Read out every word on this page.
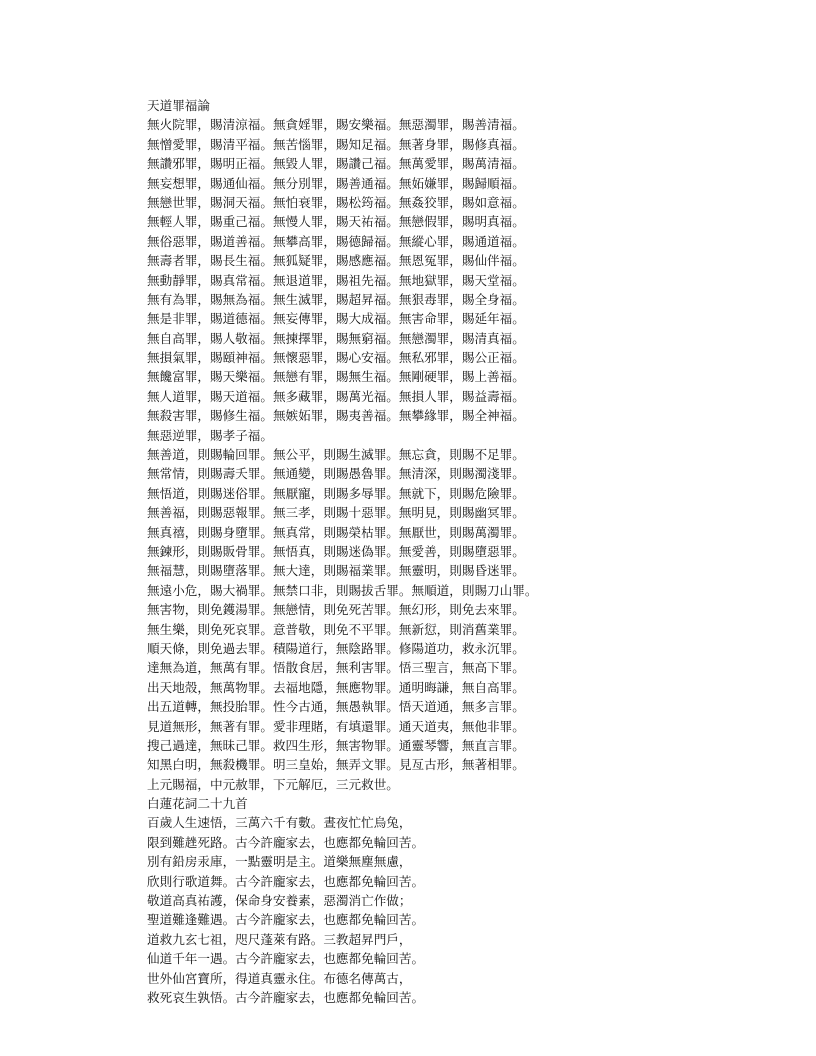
天道罪福論
無火院罪，賜清涼福。無貪婬罪，賜安樂福。無惡濁罪，賜善清福。
無憎愛罪，賜清平福。無苦惱罪，賜知足福。無著身罪，賜修真福。
無讚邪罪，賜明正福。無毀人罪，賜讚己福。無萬愛罪，賜萬清福。
無妄想罪，賜通仙福。無分別罪，賜善通福。無妬嫌罪，賜歸順福。
無戀世罪，賜洞天福。無怕衰罪，賜松筠福。無姦狡罪，賜如意福。
無輕人罪，賜重己福。無慢人罪，賜天祐福。無戀假罪，賜明真福。
無俗惡罪，賜道善福。無攀高罪，賜德歸福。無縱心罪，賜通道福。
無壽者罪，賜長生福。無狐疑罪，賜感應福。無恩冤罪，賜仙伴福。
無動靜罪，賜真常福。無退道罪，賜祖先福。無地獄罪，賜天堂福。
無有為罪，賜無為福。無生滅罪，賜超昇福。無狠毒罪，賜全身福。
無是非罪，賜道德福。無妄傳罪，賜大成福。無害命罪，賜延年福。
無自高罪，賜人敬福。無揀擇罪，賜無窮福。無戀濁罪，賜清真福。
無損氣罪，賜頤神福。無懷惡罪，賜心安福。無私邪罪，賜公正福。
無饞富罪，賜天樂福。無戀有罪，賜無生福。無剛硬罪，賜上善福。
無人道罪，賜天道福。無多藏罪，賜萬光福。無損人罪，賜益壽福。
無殺害罪，賜修生福。無嫉妬罪，賜夷善福。無攀緣罪，賜全神福。
無惡逆罪，賜孝子福。
無善道，則賜輪回罪。無公平，則賜生滅罪。無忘貪，則賜不足罪。
無常情，則賜壽夭罪。無通變，則賜愚魯罪。無清深，則賜濁淺罪。
無悟道，則賜迷俗罪。無厭寵，則賜多辱罪。無就下，則賜危險罪。
無善福，則賜惡報罪。無三孝，則賜十惡罪。無明見，則賜幽冥罪。
無真禧，則賜身墮罪。無真常，則賜榮枯罪。無厭世，則賜萬濁罪。
無鍊形，則賜販骨罪。無悟真，則賜迷偽罪。無愛善，則賜墮惡罪。
無福慧，則賜墮落罪。無大達，則賜福業罪。無靈明，則賜昏迷罪。
無遠小危，賜大禍罪。無禁口非，則賜拔舌罪。無順道，則賜刀山罪。
無害物，則免鑊湯罪。無戀情，則免死苦罪。無幻形，則免去來罪。
無生樂，則免死哀罪。意普敬，則免不平罪。無新愆，則消舊業罪。
順天條，則免過去罪。積陽道行，無陰路罪。修陽道功，救永沉罪。
達無為道，無萬有罪。悟散食居，無利害罪。悟三聖言，無高下罪。
出天地殼，無萬物罪。去福地隱，無應物罪。通明晦謙，無自高罪。
出五道轉，無投胎罪。性今古通，無愚執罪。悟天道通，無多言罪。
見道無形，無著有罪。愛非理賭，有填還罪。通天道夷，無他非罪。
搜己過達，無昧己罪。救四生形，無害物罪。通靈琴響，無直言罪。
知黑白明，無殺機罪。明三皇始，無弄文罪。見亙古形，無著相罪。
上元賜福，中元赦罪，下元解厄，三元救世。
白蓮花詞二十九首
百歲人生速悟，三萬六千有數。晝夜忙忙烏兔，
限到難趖死路。古今許龐家去，也應都免輪回苦。
別有鉛房汞庫，一點靈明是主。道樂無塵無慮，
欣則行歌道舞。古今許龐家去，也應都免輪回苦。
敬道高真祐護，保命身安養素，惡濁消亡作做；
聖道難逢難遇。古今許龐家去，也應都免輪回苦。
道救九玄七祖，咫尺蓬萊有路。三教超昇門戶，
仙道千年一遇。古今許龐家去，也應都免輪回苦。
世外仙宮寶所，得道真靈永住。布德名傳萬古，
救死哀生孰悟。古今許龐家去，也應都免輪回苦。
